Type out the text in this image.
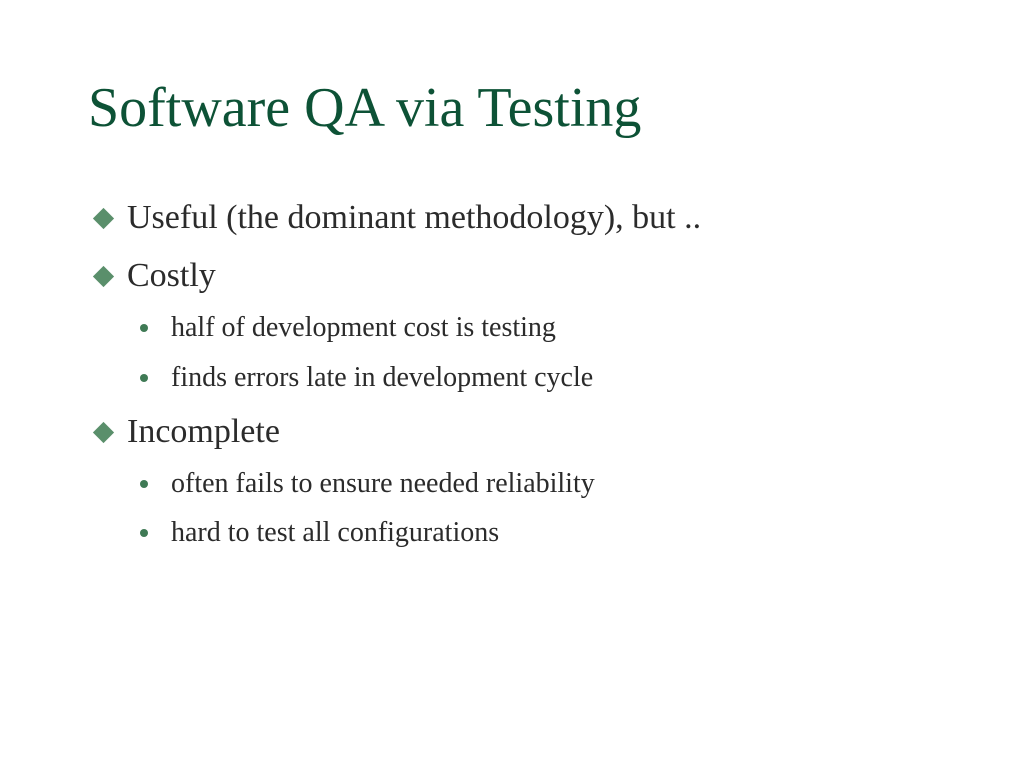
Software QA via Testing
Useful (the dominant methodology), but ..
Costly
half of development cost is testing
finds errors late in development cycle
Incomplete
often fails to ensure needed reliability
hard to test all configurations
